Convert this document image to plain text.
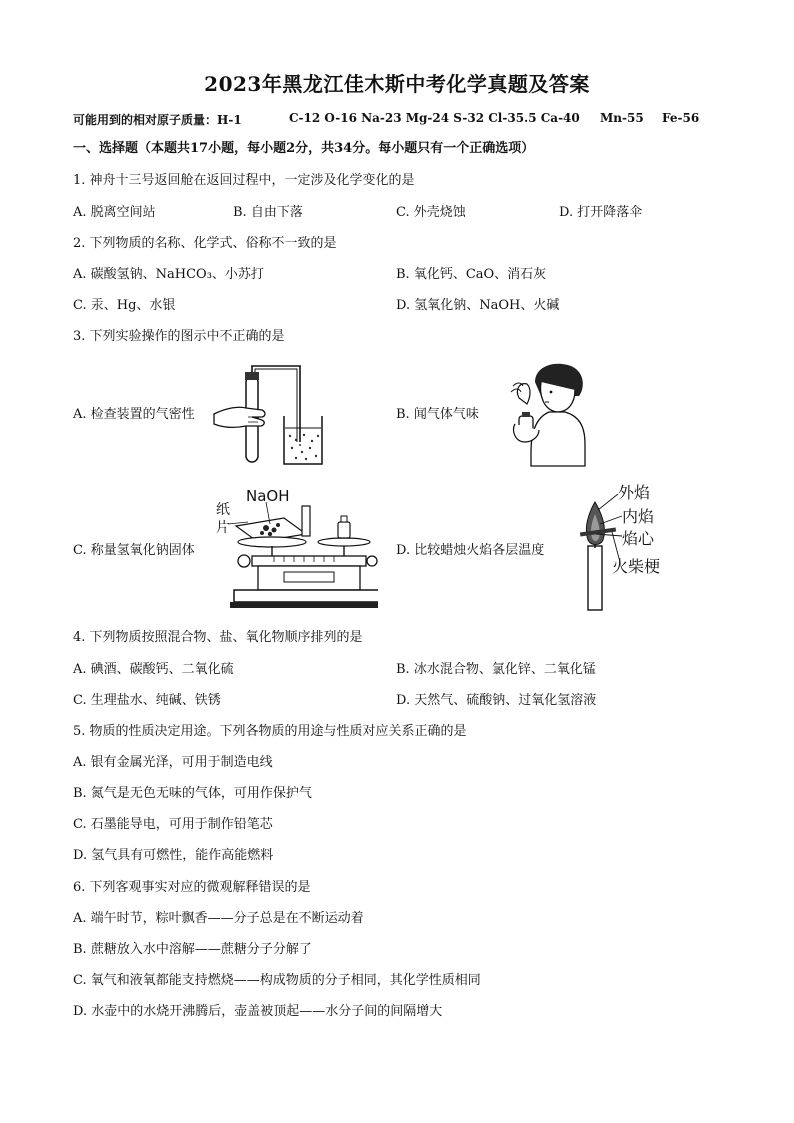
2023年黑龙江佳木斯中考化学真题及答案
可能用到的相对原子质量：H-1	C-12 O-16 Na-23 Mg-24 S-32 Cl-35.5 Ca-40 Mn-55 Fe-56
一、选择题（本题共17小题，每小题2分，共34分。每小题只有一个正确选项）
1. 神舟十三号返回舱在返回过程中，一定涉及化学变化的是
A. 脱离空间站	B. 自由下落	C. 外壳烧蚀	D. 打开降落伞
2. 下列物质的名称、化学式、俗称不一致的是
A. 碳酸氢钠、NaHCO₃、小苏打	B. 氧化钙、CaO、消石灰
C. 汞、Hg、水银	D. 氢氧化钠、NaOH、火碱
3. 下列实验操作的图示中不正确的是
A. 检查装置的气密性	B. 闻气体气味
C. 称量氢氧化钠固体	D. 比较蜡烛火焰各层温度
NaOH
纸
片
外焰
内焰
焰心
火柴梗
4. 下列物质按照混合物、盐、氧化物顺序排列的是
A. 碘酒、碳酸钙、二氧化硫	B. 冰水混合物、氯化锌、二氧化锰
C. 生理盐水、纯碱、铁锈	D. 天然气、硫酸钠、过氧化氢溶液
5. 物质的性质决定用途。下列各物质的用途与性质对应关系正确的是
A. 银有金属光泽，可用于制造电线
B. 氮气是无色无味的气体，可用作保护气
C. 石墨能导电，可用于制作铅笔芯
D. 氢气具有可燃性，能作高能燃料
6. 下列客观事实对应的微观解释错误的是
A. 端午时节，粽叶飘香——分子总是在不断运动着
B. 蔗糖放入水中溶解——蔗糖分子分解了
C. 氧气和液氧都能支持燃烧——构成物质的分子相同，其化学性质相同
D. 水壶中的水烧开沸腾后，壶盖被顶起——水分子间的间隔增大
